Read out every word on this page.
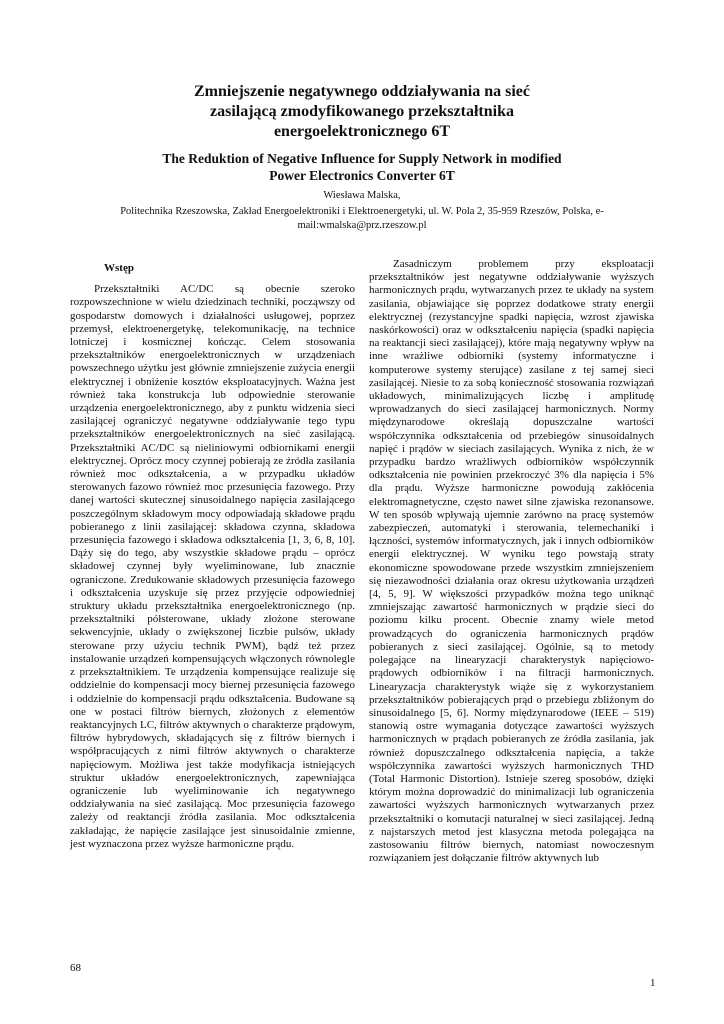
Zmniejszenie negatywnego oddziaływania na sieć
zasilającą zmodyfikowanego przekształtnika
energoelektronicznego 6T
The Reduktion of Negative Influence for Supply Network in modified
Power Electronics Converter 6T
Wiesława Malska,
Politechnika Rzeszowska, Zakład Energoelektroniki i Elektroenergetyki, ul. W. Pola 2, 35-959 Rzeszów, Polska, e-
mail:wmalska@prz.rzeszow.pl
Wstęp

Przekształtniki AC/DC są obecnie szeroko rozpowszechnione w wielu dziedzinach techniki, począwszy od gospodarstw domowych i działalności usługowej, poprzez przemysł, elektroenergetykę, telekomunikację, na technice lotniczej i kosmicznej kończąc. Celem stosowania przekształtników energoelektronicznych w urządzeniach powszechnego użytku jest głównie zmniejszenie zużycia energii elektrycznej i obniżenie kosztów eksploatacyjnych. Ważna jest również taka konstrukcja lub odpowiednie sterowanie urządzenia energoelektronicznego, aby z punktu widzenia sieci zasilającej ograniczyć negatywne oddziaływanie tego typu przekształtników energoelektronicznych na sieć zasilającą. Przekształtniki AC/DC są nieliniowymi odbiornikami energii elektrycznej. Oprócz mocy czynnej pobierają ze źródła zasilania również moc odkształcenia, a w przypadku układów sterowanych fazowo również moc przesunięcia fazowego. Przy danej wartości skutecznej sinusoidalnego napięcia zasilającego poszczególnym składowym mocy odpowiadają składowe prądu pobieranego z linii zasilającej: składowa czynna, składowa przesunięcia fazowego i składowa odkształcenia [1, 3, 6, 8, 10]. Dąży się do tego, aby wszystkie składowe prądu – oprócz składowej czynnej były wyeliminowane, lub znacznie ograniczone. Zredukowanie składowych przesunięcia fazowego i odkształcenia uzyskuje się przez przyjęcie odpowiedniej struktury układu przekształtnika energoelektronicznego (np. przekształtniki półsterowane, układy złożone sterowane sekwencyjnie, układy o zwiększonej liczbie pulsów, układy sterowane przy użyciu technik PWM), bądź też przez instalowanie urządzeń kompensujących włączonych równolegle z przekształtnikiem. Te urządzenia kompensujące realizuje się oddzielnie do kompensacji mocy biernej przesunięcia fazowego i oddzielnie do kompensacji prądu odkształcenia. Budowane są one w postaci filtrów biernych, złożonych z elementów reaktancyjnych LC, filtrów aktywnych o charakterze prądowym, filtrów hybrydowych, składających się z filtrów biernych i współpracujących z nimi filtrów aktywnych o charakterze napięciowym. Możliwa jest także modyfikacja istniejących struktur układów energoelektronicznych, zapewniająca ograniczenie lub wyeliminowanie ich negatywnego oddziaływania na sieć zasilającą. Moc przesunięcia fazowego zależy od reaktancji źródła zasilania. Moc odkształcenia zakładając, że napięcie zasilające jest sinusoidalnie zmienne, jest wyznaczona przez wyższe harmoniczne prądu.

Zasadniczym problemem przy eksploatacji przekształtników jest negatywne oddziaływanie wyższych harmonicznych prądu, wytwarzanych przez te układy na system zasilania, objawiające się poprzez dodatkowe straty energii elektrycznej (rezystancyjne spadki napięcia, wzrost zjawiska naskórkowości) oraz w odkształceniu napięcia (spadki napięcia na reaktancji sieci zasilającej), które mają negatywny wpływ na inne wrażliwe odbiorniki (systemy informatyczne i komputerowe systemy sterujące) zasilane z tej samej sieci zasilającej. Niesie to za sobą konieczność stosowania rozwiązań układowych, minimalizujących liczbę i amplitudę wprowadzanych do sieci zasilającej harmonicznych. Normy międzynarodowe określają dopuszczalne wartości współczynnika odkształcenia od przebiegów sinusoidalnych napięć i prądów w sieciach zasilających. Wynika z nich, że w przypadku bardzo wrażliwych odbiorników współczynnik odkształcenia nie powinien przekroczyć 3% dla napięcia i 5% dla prądu. Wyższe harmoniczne powodują zakłócenia elektromagnetyczne, często nawet silne zjawiska rezonansowe. W ten sposób wpływają ujemnie zarówno na pracę systemów zabezpieczeń, automatyki i sterowania, telemechaniki i łączności, systemów informatycznych, jak i innych odbiorników energii elektrycznej. W wyniku tego powstają straty ekonomiczne spowodowane przede wszystkim zmniejszeniem się niezawodności działania oraz okresu użytkowania urządzeń [4, 5, 9]. W większości przypadków można tego uniknąć zmniejszając zawartość harmonicznych w prądzie sieci do poziomu kilku procent. Obecnie znamy wiele metod prowadzących do ograniczenia harmonicznych prądów pobieranych z sieci zasilającej. Ogólnie, są to metody polegające na linearyzacji charakterystyk napięciowo-prądowych odbiorników i na filtracji harmonicznych. Linearyzacja charakterystyk wiąże się z wykorzystaniem przekształtników pobierających prąd o przebiegu zbliżonym do sinusoidalnego [5, 6]. Normy międzynarodowe (IEEE – 519) stanowią ostre wymagania dotyczące zawartości wyższych harmonicznych w prądach pobieranych ze źródła zasilania, jak również dopuszczalnego odkształcenia napięcia, a także współczynnika zawartości wyższych harmonicznych THD (Total Harmonic Distortion). Istnieje szereg sposobów, dzięki którym można doprowadzić do minimalizacji lub ograniczenia zawartości wyższych harmonicznych wytwarzanych przez przekształtniki o komutacji naturalnej w sieci zasilającej. Jedną z najstarszych metod jest klasyczna metoda polegająca na zastosowaniu filtrów biernych, natomiast nowoczesnym rozwiązaniem jest dołączanie filtrów aktywnych lub

68
1
